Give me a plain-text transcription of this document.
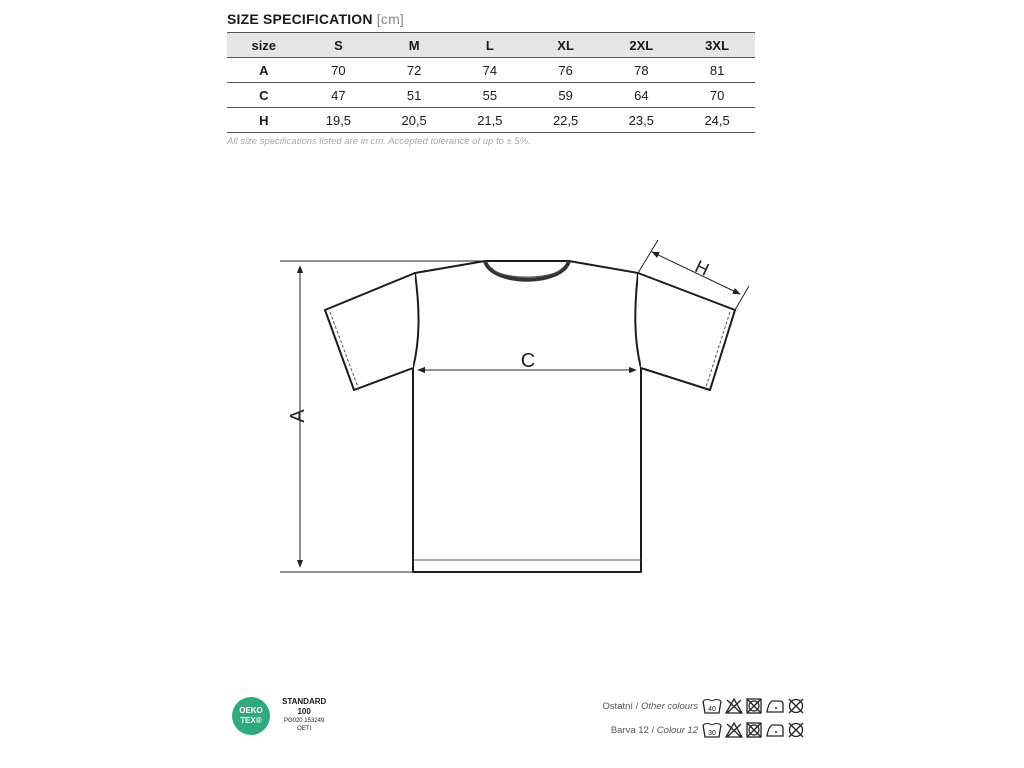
SIZE SPECIFICATION [cm]
size	S	M	L	XL	2XL	3XL
A	70	72	74	76	78	81
C	47	51	55	59	64	70
H	19,5	20,5	21,5	22,5	23,5	24,5
All size specifications listed are in cm. Accepted tolerance of up to ± 5%.
A
C
H
OEKO
TEX®
STANDARD
100
PG020 153249
OETI
Ostatní / Other colours 40
Barva 12 / Colour 12 30
